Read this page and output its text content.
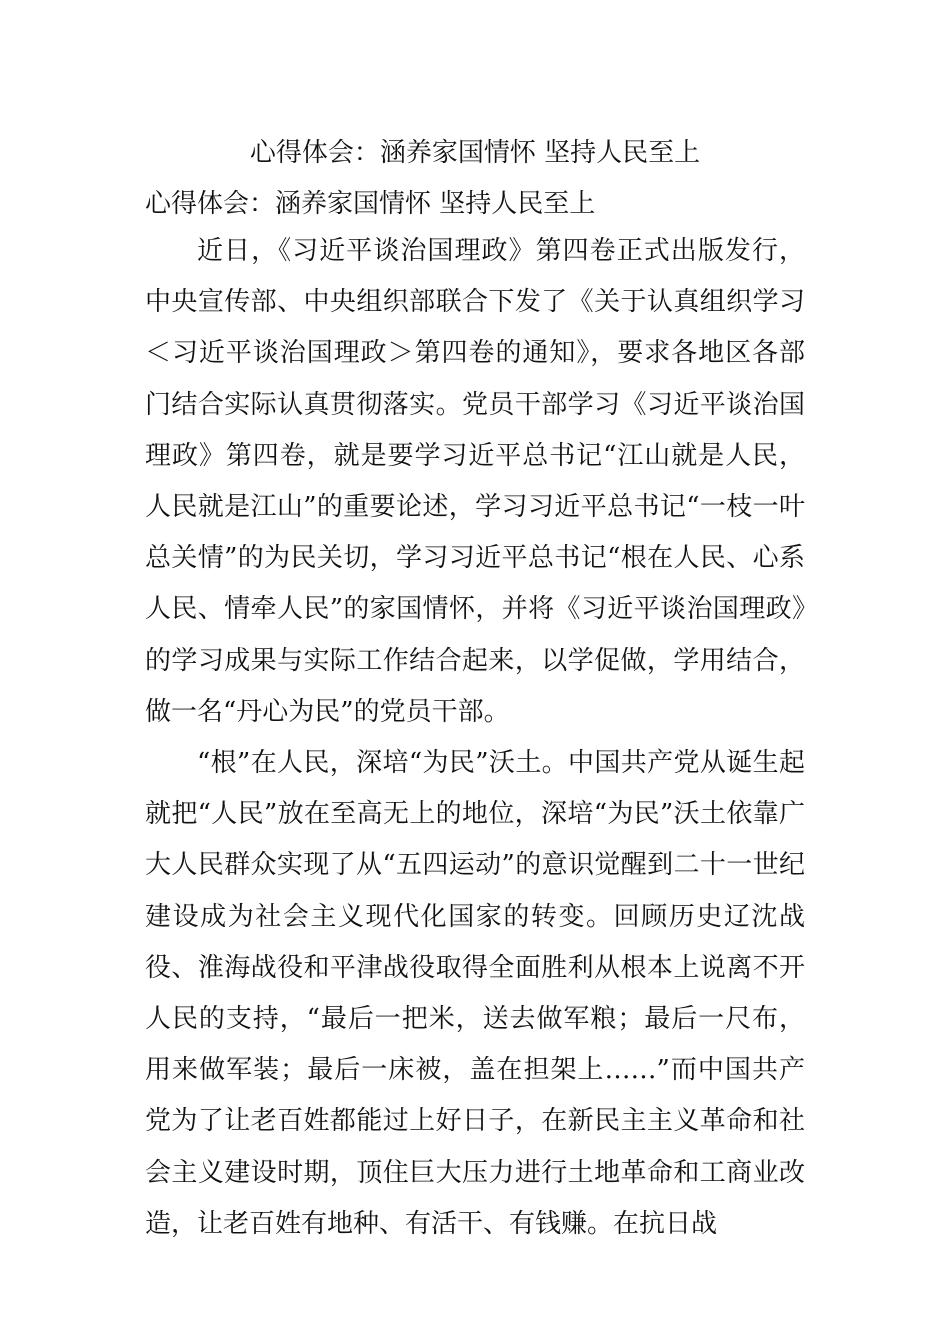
心得体会：涵养家国情怀 坚持人民至上
心得体会：涵养家国情怀 坚持人民至上

近日，《习近平谈治国理政》第四卷正式出版发行，中央宣传部、中央组织部联合下发了《关于认真组织学习＜习近平谈治国理政＞第四卷的通知》，要求各地区各部门结合实际认真贯彻落实。党员干部学习《习近平谈治国理政》第四卷，就是要学习近平总书记“江山就是人民，人民就是江山”的重要论述，学习习近平总书记“一枝一叶总关情”的为民关切，学习习近平总书记“根在人民、心系人民、情牵人民”的家国情怀，并将《习近平谈治国理政》的学习成果与实际工作结合起来，以学促做，学用结合，做一名“丹心为民”的党员干部。

“根”在人民，深培“为民”沃土。中国共产党从诞生起就把“人民”放在至高无上的地位，深培“为民”沃土依靠广大人民群众实现了从“五四运动”的意识觉醒到二十一世纪建设成为社会主义现代化国家的转变。回顾历史辽沈战役、淮海战役和平津战役取得全面胜利从根本上说离不开人民的支持，“最后一把米，送去做军粮；最后一尺布，用来做军装；最后一床被，盖在担架上……”而中国共产党为了让老百姓都能过上好日子，在新民主主义革命和社会主义建设时期，顶住巨大压力进行土地革命和工商业改造，让老百姓有地种、有活干、有钱赚。在抗日战
